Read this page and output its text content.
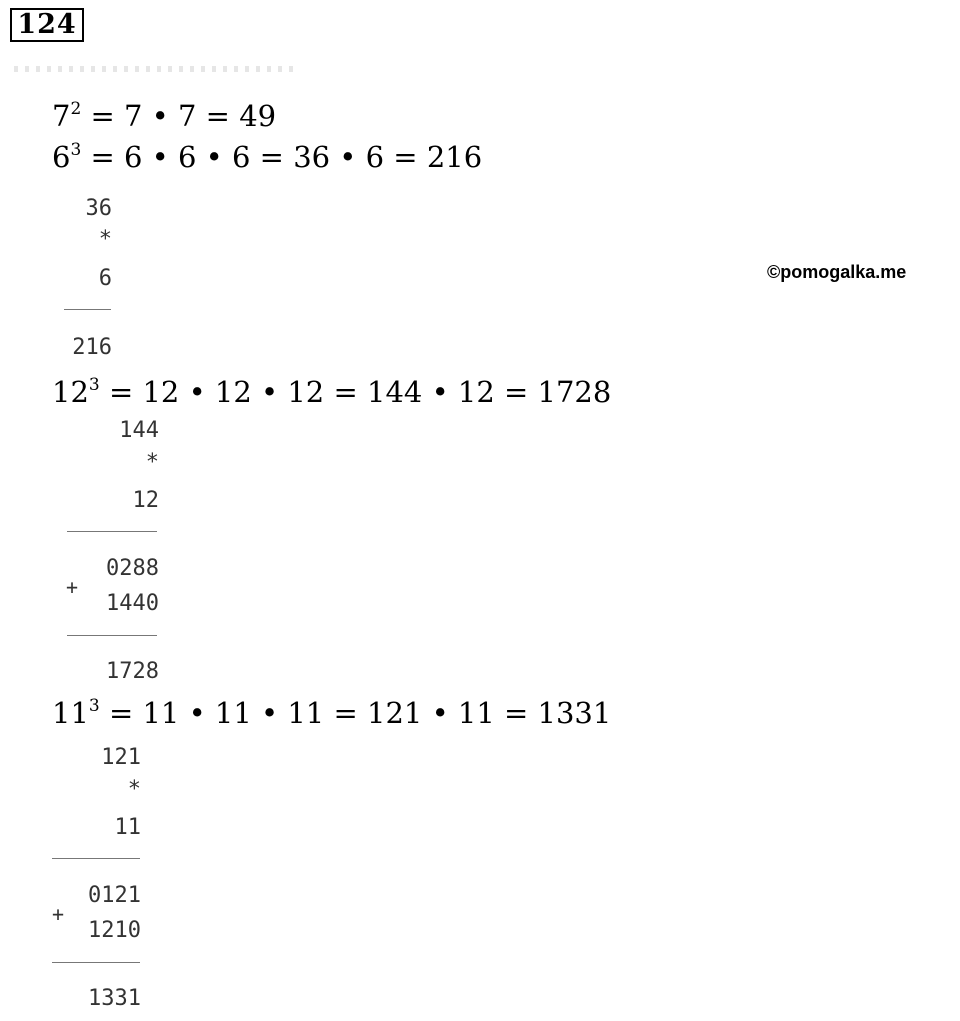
124
$7^2 = 7$ • 7 = 49
$6^3 = 6$ • 6 • 6 = 36 • 6 = 216
36
*
6
216
©pomogalka.me
$12^3 = 12$ • 12 • 12 = 144 • 12 = 1728
144
*
12
0288
+
1440
1728
$11^3 = 11$ • 11 • 11 = 121 • 11 = 1331
121
*
11
0121
+
1210
1331
